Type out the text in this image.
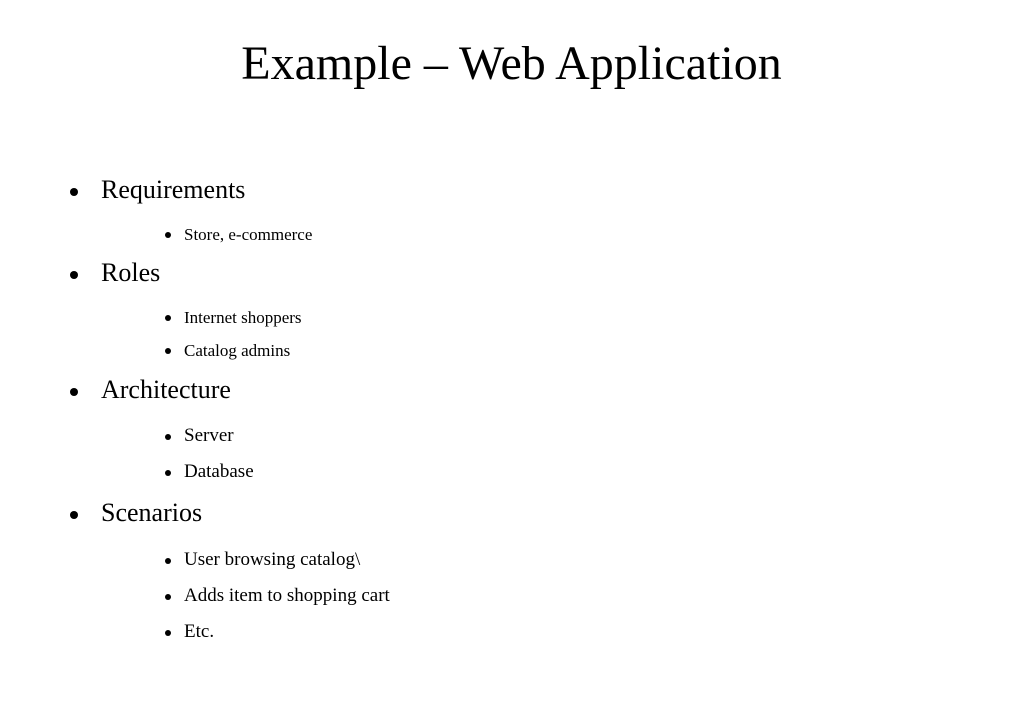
Example – Web Application
Requirements
Store, e-commerce
Roles
Internet shoppers
Catalog admins
Architecture
Server
Database
Scenarios
User browsing catalog\
Adds item to shopping cart
Etc.
